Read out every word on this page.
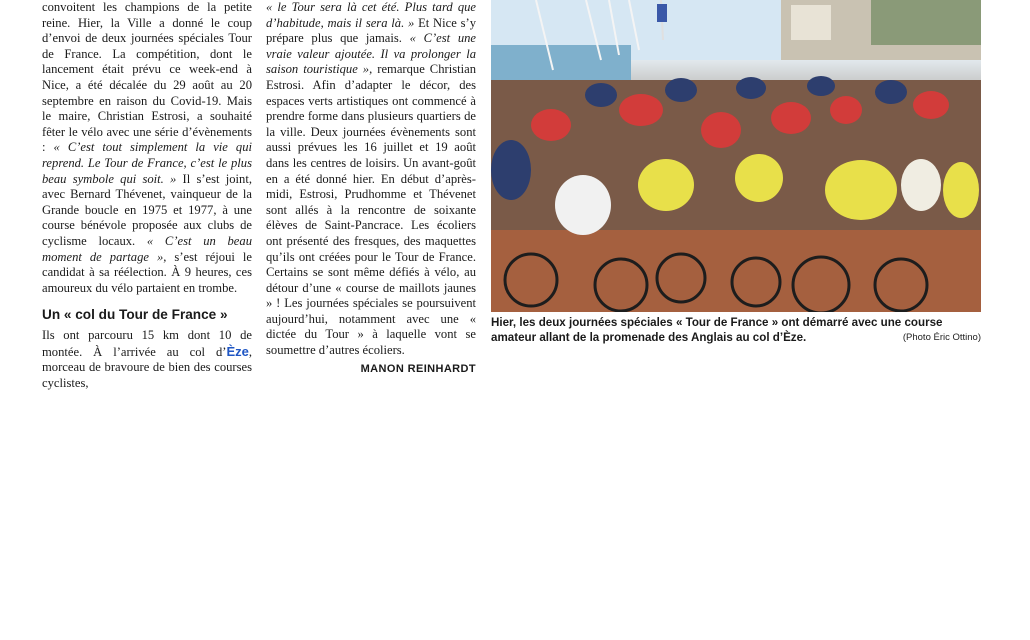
convoitent les champions de la petite reine. Hier, la Ville a donné le coup d’envoi de deux journées spéciales Tour de France. La compétition, dont le lancement était prévu ce week-end à Nice, a été décalée du 29 août au 20 septembre en raison du Covid-19. Mais le maire, Christian Estrosi, a souhaité fêter le vélo avec une série d’évènements : « C’est tout simplement la vie qui reprend. Le Tour de France, c’est le plus beau symbole qui soit. » Il s’est joint, avec Bernard Thévenet, vainqueur de la Grande boucle en 1975 et 1977, à une course bénévole proposée aux clubs de cyclisme locaux. « C’est un beau moment de partage », s’est réjoui le candidat à sa réélection. À 9 heures, ces amoureux du vélo partaient en trombe.

Un « col du Tour de France »

Ils ont parcouru 15 km dont 10 de montée. À l’arrivée au col d’Èze, morceau de bravoure de bien des courses cyclistes,

« le Tour sera là cet été. Plus tard que d’habitude, mais il sera là. » Et Nice s’y prépare plus que jamais. « C’est une vraie valeur ajoutée. Il va prolonger la saison touristique », remarque Christian Estrosi. Afin d’adapter le décor, des espaces verts artistiques ont commencé à prendre forme dans plusieurs quartiers de la ville. Deux journées évènements sont aussi prévues les 16 juillet et 19 août dans les centres de loisirs. Un avant-goût en a été donné hier. En début d’après-midi, Estrosi, Prudhomme et Thévenet sont allés à la rencontre de soixante élèves de Saint-Pancrace. Les écoliers ont présenté des fresques, des maquettes qu’ils ont créées pour le Tour de France. Certains se sont même défiés à vélo, au détour d’une « course de maillots jaunes » ! Les journées spéciales se poursuivent aujourd’hui, notamment avec une « dictée du Tour » à laquelle vont se soumettre d’autres écoliers.

MANON REINHARDT

Hier, les deux journées spéciales « Tour de France » ont démarré avec une course amateur allant de la promenade des Anglais au col d’Èze.	(Photo Éric Ottino)
